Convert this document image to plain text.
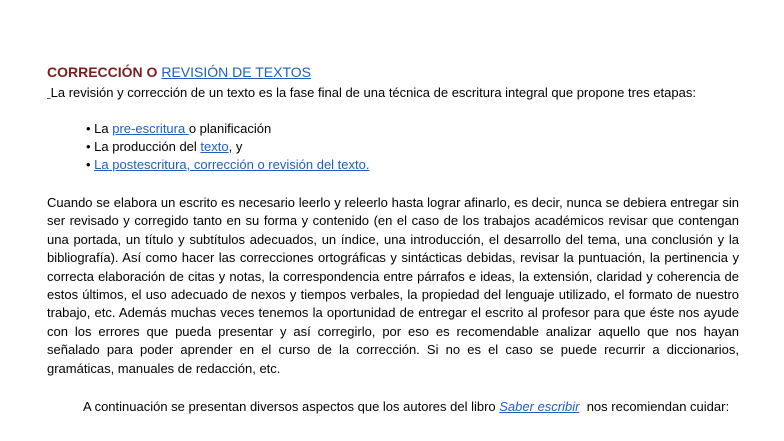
CORRECCIÓN O REVISIÓN DE TEXTOS
La revisión y corrección de un texto es la fase final de una técnica de escritura integral que propone tres etapas:
• La pre-escritura o planificación
• La producción del texto, y
• La postescritura, corrección o revisión del texto.
Cuando se elabora un escrito es necesario leerlo y releerlo hasta lograr afinarlo, es decir, nunca se debiera entregar sin ser revisado y corregido tanto en su forma y contenido (en el caso de los trabajos académicos revisar que contengan una portada, un título y subtítulos adecuados, un índice, una introducción, el desarrollo del tema, una conclusión y la bibliografía). Así como hacer las correcciones ortográficas y sintácticas debidas, revisar la puntuación, la pertinencia y correcta elaboración de citas y notas, la correspondencia entre párrafos e ideas, la extensión, claridad y coherencia de estos últimos, el uso adecuado de nexos y tiempos verbales, la propiedad del lenguaje utilizado, el formato de nuestro trabajo, etc. Además muchas veces tenemos la oportunidad de entregar el escrito al profesor para que éste nos ayude con los errores que pueda presentar y así corregirlo, por eso es recomendable analizar aquello que nos hayan señalado para poder aprender en el curso de la corrección. Si no es el caso se puede recurrir a diccionarios, gramáticas, manuales de redacción, etc.
A continuación se presentan diversos aspectos que los autores del libro Saber escribir  nos recomiendan cuidar:
